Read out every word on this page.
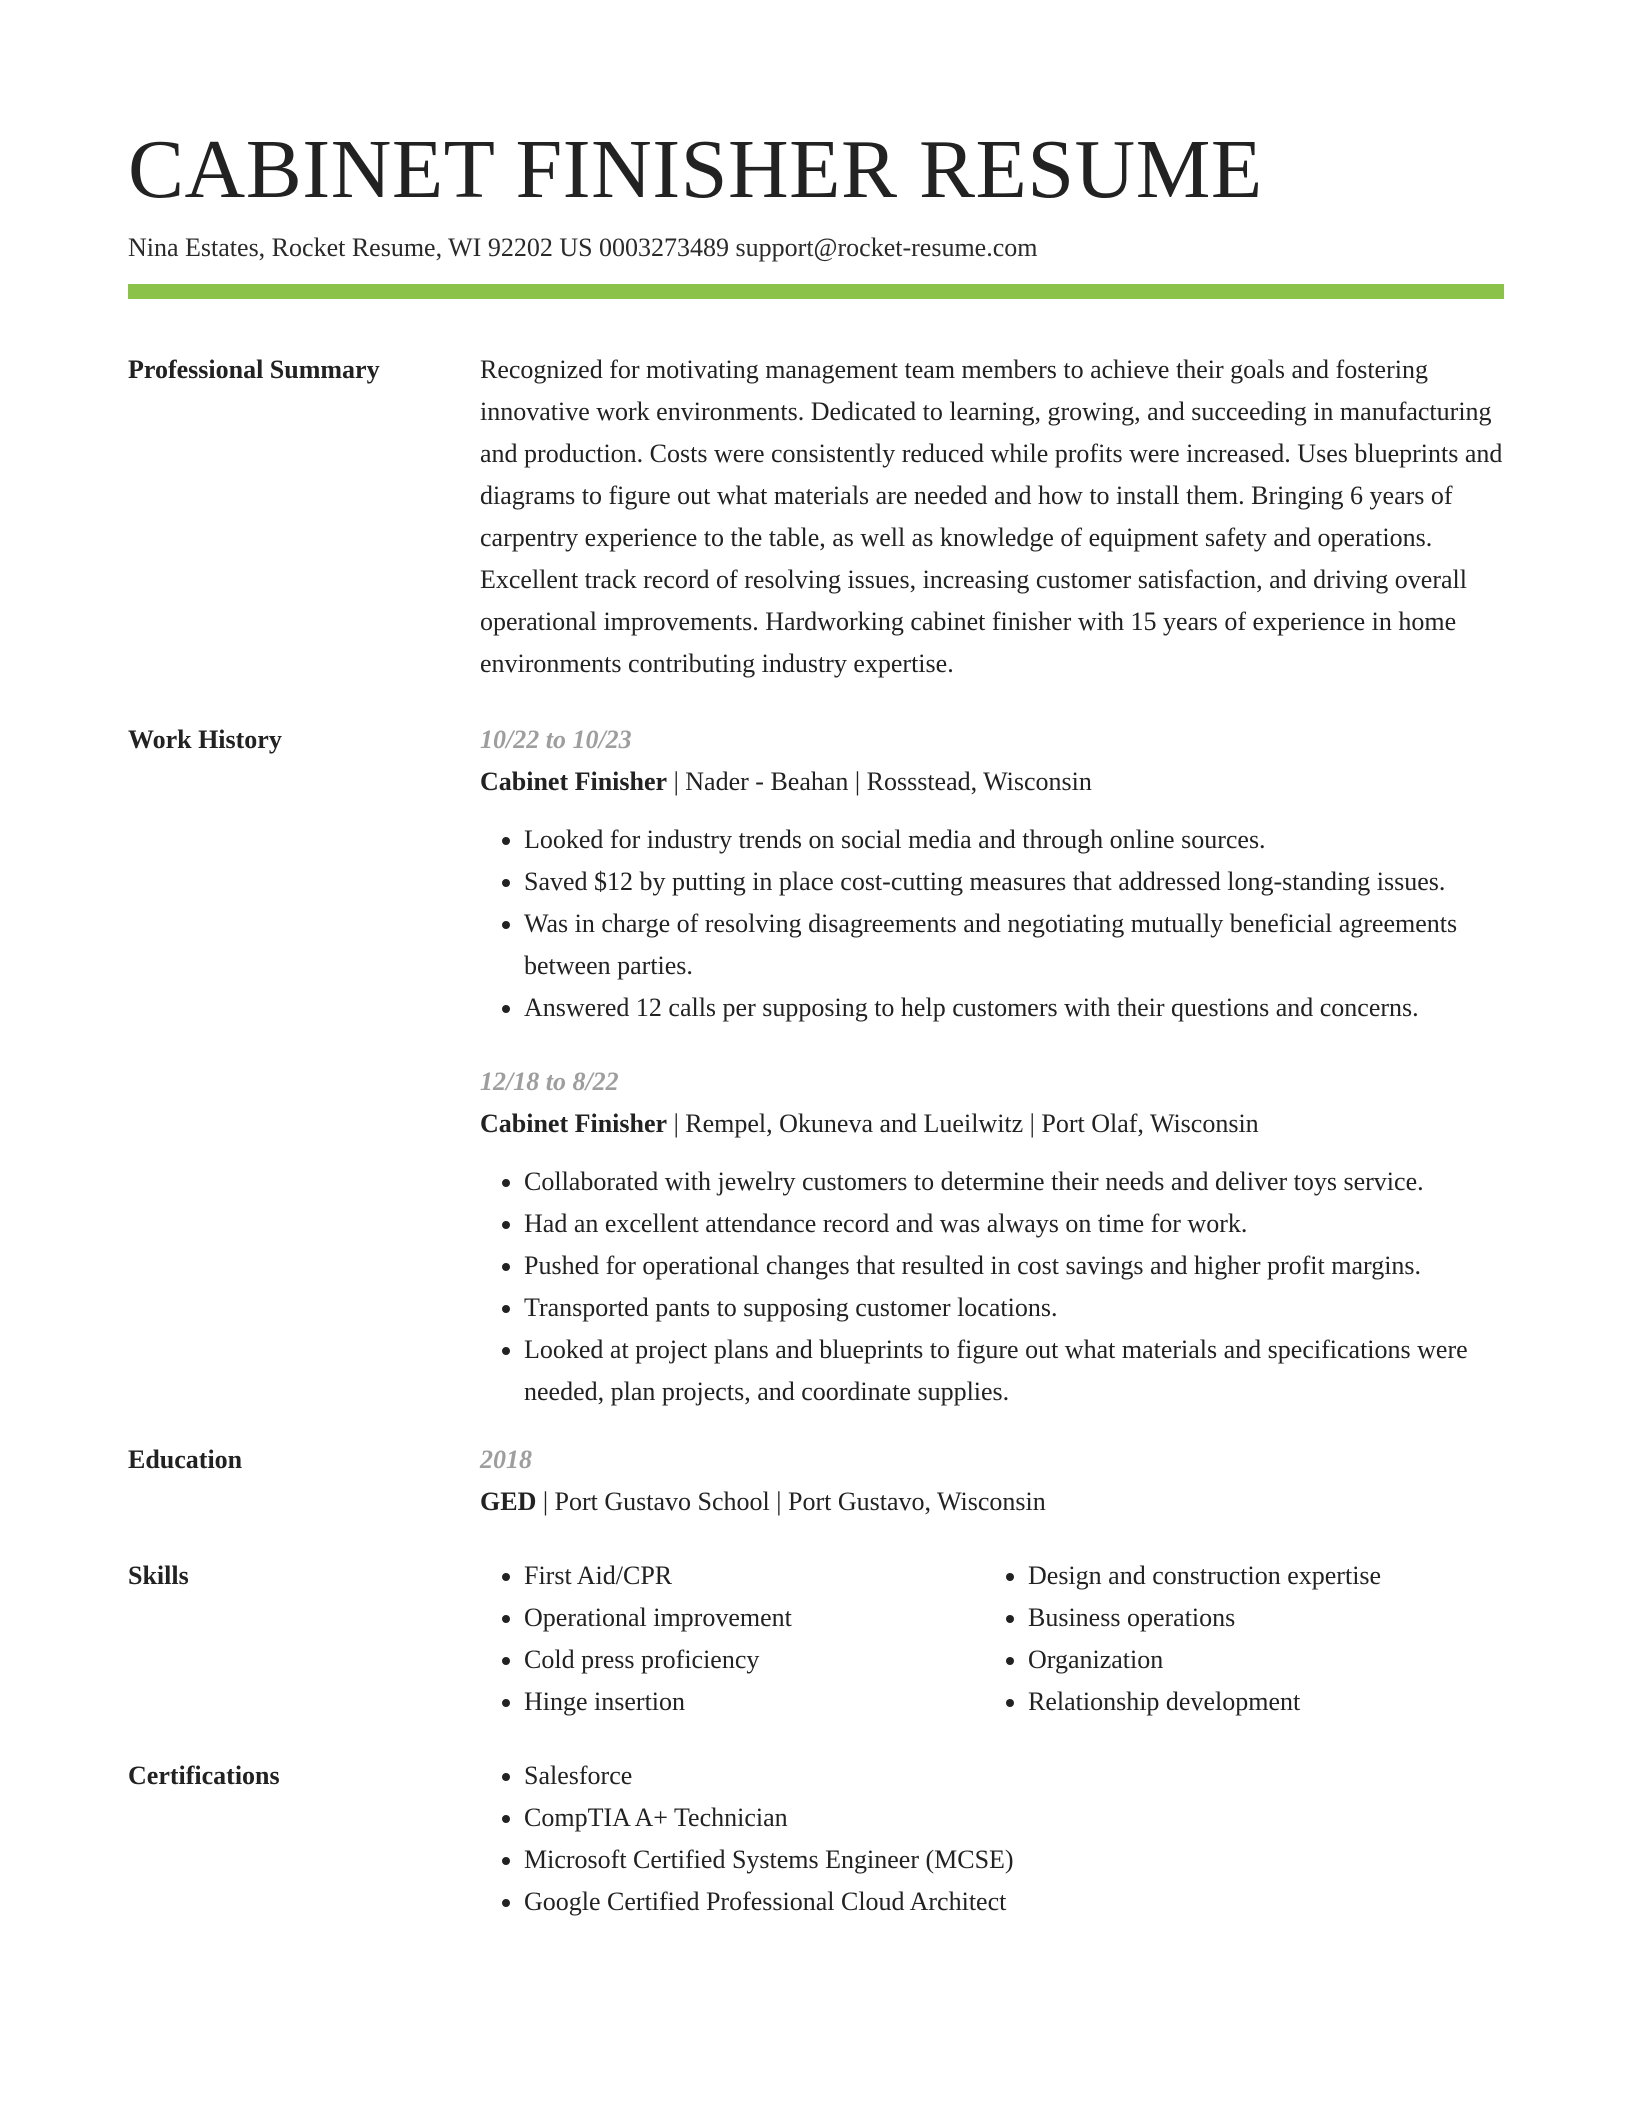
CABINET FINISHER RESUME
Nina Estates, Rocket Resume, WI 92202 US 0003273489 support@rocket-resume.com
Professional Summary	Recognized for motivating management team members to achieve their goals and fostering innovative work environments. Dedicated to learning, growing, and succeeding in manufacturing and production. Costs were consistently reduced while profits were increased. Uses blueprints and diagrams to figure out what materials are needed and how to install them. Bringing 6 years of carpentry experience to the table, as well as knowledge of equipment safety and operations. Excellent track record of resolving issues, increasing customer satisfaction, and driving overall operational improvements. Hardworking cabinet finisher with 15 years of experience in home environments contributing industry expertise.
Work History	10/22 to 10/23
Cabinet Finisher | Nader - Beahan | Rossstead, Wisconsin
• Looked for industry trends on social media and through online sources.
• Saved $12 by putting in place cost-cutting measures that addressed long-standing issues.
• Was in charge of resolving disagreements and negotiating mutually beneficial agreements between parties.
• Answered 12 calls per supposing to help customers with their questions and concerns.
12/18 to 8/22
Cabinet Finisher | Rempel, Okuneva and Lueilwitz | Port Olaf, Wisconsin
• Collaborated with jewelry customers to determine their needs and deliver toys service.
• Had an excellent attendance record and was always on time for work.
• Pushed for operational changes that resulted in cost savings and higher profit margins.
• Transported pants to supposing customer locations.
• Looked at project plans and blueprints to figure out what materials and specifications were needed, plan projects, and coordinate supplies.
Education	2018
GED | Port Gustavo School | Port Gustavo, Wisconsin
Skills	• First Aid/CPR
• Operational improvement
• Cold press proficiency
• Hinge insertion
• Design and construction expertise
• Business operations
• Organization
• Relationship development
Certifications	• Salesforce
• CompTIA A+ Technician
• Microsoft Certified Systems Engineer (MCSE)
• Google Certified Professional Cloud Architect
